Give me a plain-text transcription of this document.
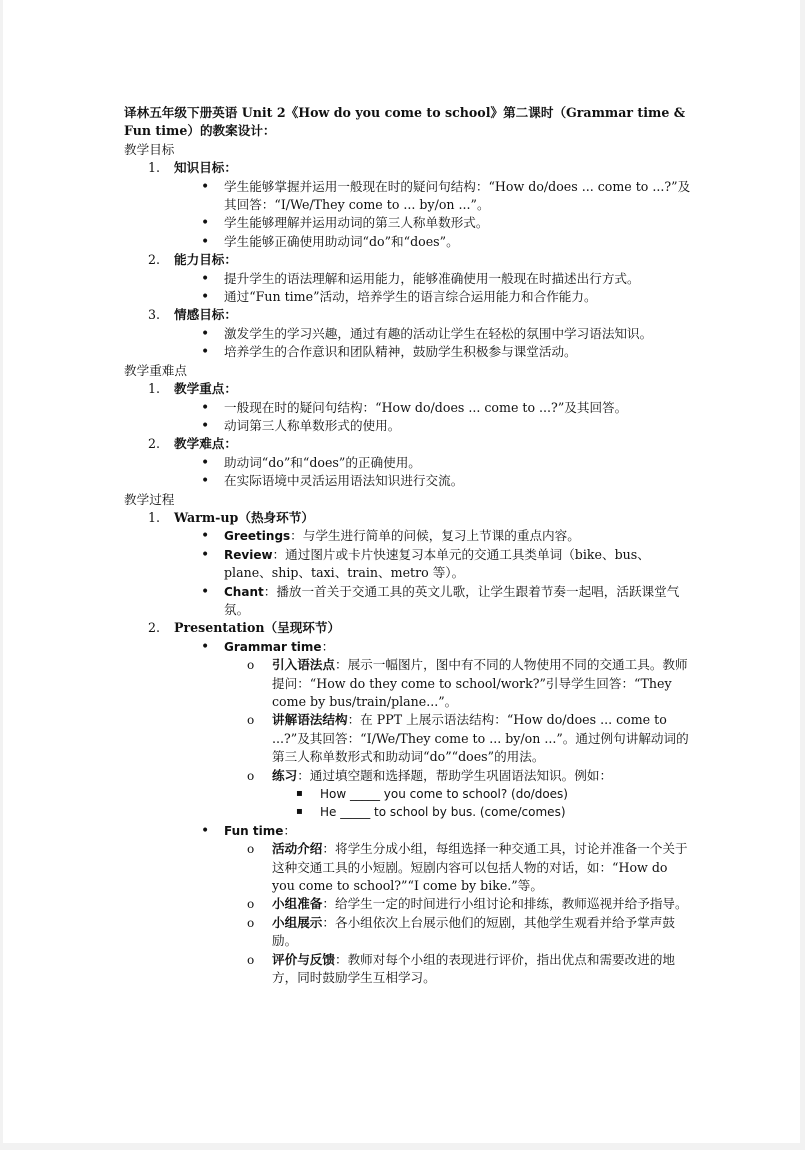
译林五年级下册英语 Unit 2《How do you come to school》第二课时（Grammar time & Fun time）的教案设计：

教学目标

1. 知识目标：
• 学生能够掌握并运用一般现在时的疑问句结构：“How do/does ... come to ...?”及其回答：“I/We/They come to ... by/on ...”。
• 学生能够理解并运用动词的第三人称单数形式。
• 学生能够正确使用助动词“do”和“does”。
2. 能力目标：
• 提升学生的语法理解和运用能力，能够准确使用一般现在时描述出行方式。
• 通过“Fun time”活动，培养学生的语言综合运用能力和合作能力。
3. 情感目标：
• 激发学生的学习兴趣，通过有趣的活动让学生在轻松的氛围中学习语法知识。
• 培养学生的合作意识和团队精神，鼓励学生积极参与课堂活动。

教学重难点

1. 教学重点：
• 一般现在时的疑问句结构：“How do/does ... come to ...?”及其回答。
• 动词第三人称单数形式的使用。
2. 教学难点：
• 助动词“do”和“does”的正确使用。
• 在实际语境中灵活运用语法知识进行交流。

教学过程

1. Warm-up（热身环节）
• Greetings：与学生进行简单的问候，复习上节课的重点内容。
• Review：通过图片或卡片快速复习本单元的交通工具类单词（bike、bus、plane、ship、taxi、train、metro 等）。
• Chant：播放一首关于交通工具的英文儿歌，让学生跟着节奏一起唱，活跃课堂气氛。
2. Presentation（呈现环节）
• Grammar time：
o 引入语法点：展示一幅图片，图中有不同的人物使用不同的交通工具。教师提问：“How do they come to school/work?”引导学生回答：“They come by bus/train/plane...”。
o 讲解语法结构：在 PPT 上展示语法结构：“How do/does ... come to ...?”及其回答：“I/We/They come to ... by/on ...”。通过例句讲解动词的第三人称单数形式和助动词“do”“does”的用法。
o 练习：通过填空题和选择题，帮助学生巩固语法知识。例如：
▪ How _____ you come to school? (do/does)
▪ He _____ to school by bus. (come/comes)
• Fun time：
o 活动介绍：将学生分成小组，每组选择一种交通工具，讨论并准备一个关于这种交通工具的小短剧。短剧内容可以包括人物的对话，如：“How do you come to school?”“I come by bike.”等。
o 小组准备：给学生一定的时间进行小组讨论和排练，教师巡视并给予指导。
o 小组展示：各小组依次上台展示他们的短剧，其他学生观看并给予掌声鼓励。
o 评价与反馈：教师对每个小组的表现进行评价，指出优点和需要改进的地方，同时鼓励学生互相学习。
